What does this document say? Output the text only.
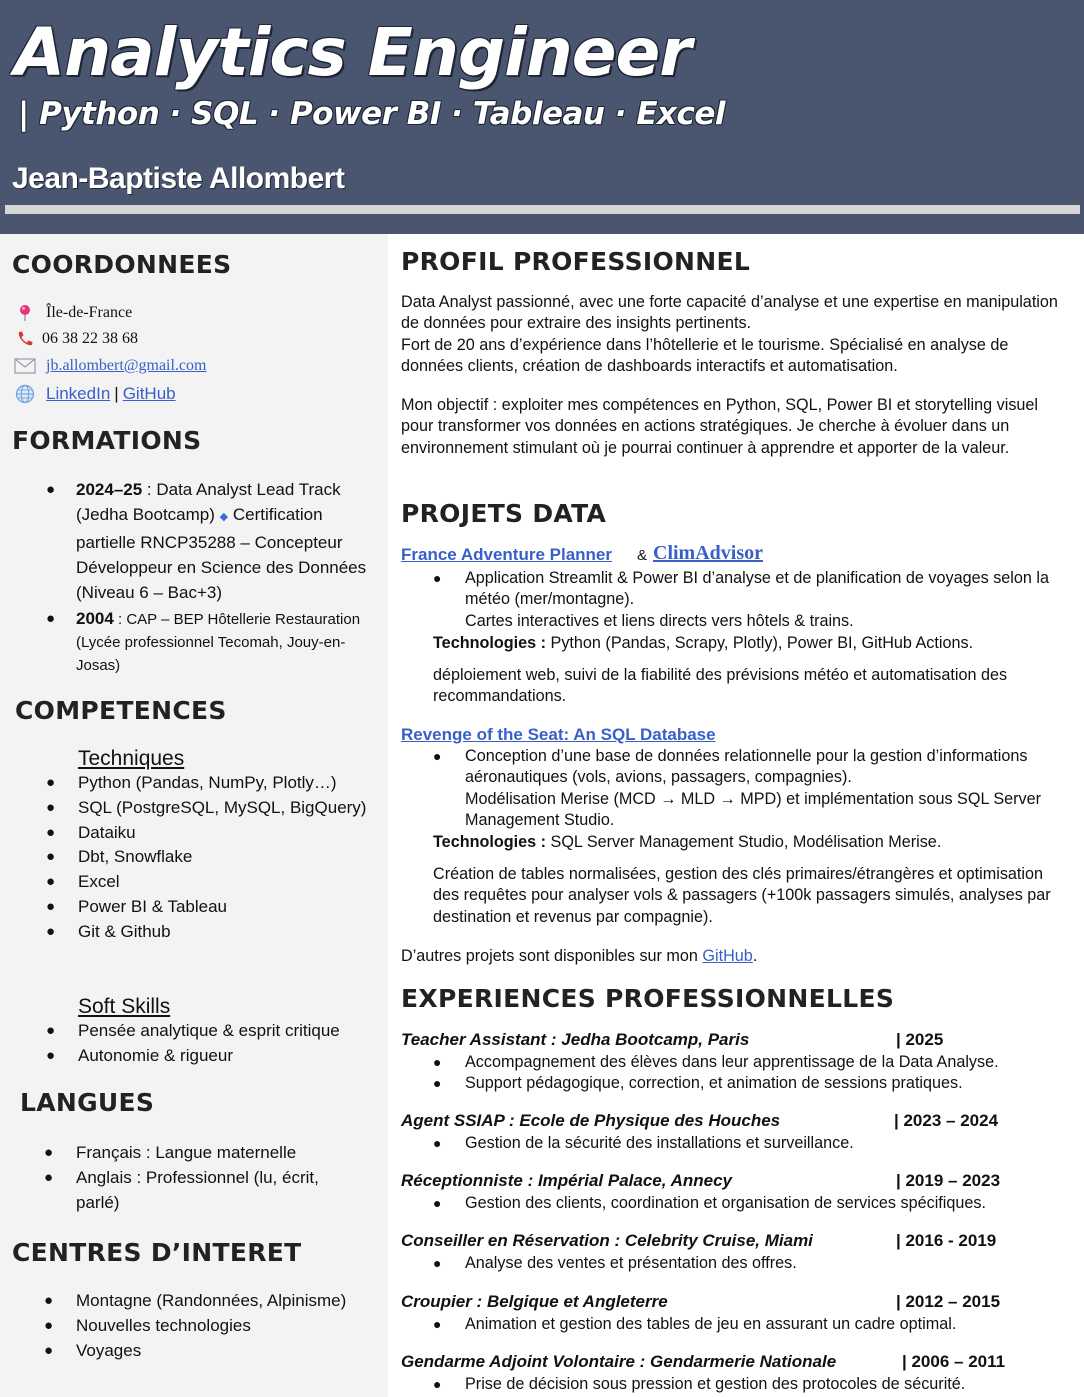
Analytics Engineer
| Python · SQL · Power BI · Tableau · Excel
Jean-Baptiste Allombert
COORDONNEES
Île-de-France
06 38 22 38 68
jb.allombert@gmail.com
LinkedIn | GitHub
FORMATIONS
● 2024–25 : Data Analyst Lead Track (Jedha Bootcamp) ◆ Certification partielle RNCP35288 – Concepteur Développeur en Science des Données (Niveau 6 – Bac+3)
● 2004 : CAP – BEP Hôtellerie Restauration (Lycée professionnel Tecomah, Jouy-en-Josas)
COMPETENCES
Techniques
● Python (Pandas, NumPy, Plotly…)
● SQL (PostgreSQL, MySQL, BigQuery)
● Dataiku
● Dbt, Snowflake
● Excel
● Power BI & Tableau
● Git & Github
Soft Skills
● Pensée analytique & esprit critique
● Autonomie & rigueur
LANGUES
● Français : Langue maternelle
● Anglais : Professionnel (lu, écrit, parlé)
CENTRES D’INTERET
● Montagne (Randonnées, Alpinisme)
● Nouvelles technologies
● Voyages
PROFIL PROFESSIONNEL
Data Analyst passionné, avec une forte capacité d’analyse et une expertise en manipulation de données pour extraire des insights pertinents.
Fort de 20 ans d’expérience dans l’hôtellerie et le tourisme. Spécialisé en analyse de données clients, création de dashboards interactifs et automatisation.
Mon objectif : exploiter mes compétences en Python, SQL, Power BI et storytelling visuel pour transformer vos données en actions stratégiques. Je cherche à évoluer dans un environnement stimulant où je pourrai continuer à apprendre et apporter de la valeur.
PROJETS DATA
France Adventure Planner & ClimAdvisor
● Application Streamlit & Power BI d’analyse et de planification de voyages selon la météo (mer/montagne).
Cartes interactives et liens directs vers hôtels & trains.
Technologies : Python (Pandas, Scrapy, Plotly), Power BI, GitHub Actions.
déploiement web, suivi de la fiabilité des prévisions météo et automatisation des recommandations.
Revenge of the Seat: An SQL Database
● Conception d’une base de données relationnelle pour la gestion d’informations aéronautiques (vols, avions, passagers, compagnies).
Modélisation Merise (MCD → MLD → MPD) et implémentation sous SQL Server Management Studio.
Technologies : SQL Server Management Studio, Modélisation Merise.
Création de tables normalisées, gestion des clés primaires/étrangères et optimisation des requêtes pour analyser vols & passagers (+100k passagers simulés, analyses par destination et revenus par compagnie).
D’autres projets sont disponibles sur mon GitHub.
EXPERIENCES PROFESSIONNELLES
Teacher Assistant : Jedha Bootcamp, Paris	| 2025
● Accompagnement des élèves dans leur apprentissage de la Data Analyse.
● Support pédagogique, correction, et animation de sessions pratiques.
Agent SSIAP : Ecole de Physique des Houches	| 2023 – 2024
● Gestion de la sécurité des installations et surveillance.
Réceptionniste : Impérial Palace, Annecy	| 2019 – 2023
● Gestion des clients, coordination et organisation de services spécifiques.
Conseiller en Réservation : Celebrity Cruise, Miami	| 2016 - 2019
● Analyse des ventes et présentation des offres.
Croupier : Belgique et Angleterre	| 2012 – 2015
● Animation et gestion des tables de jeu en assurant un cadre optimal.
Gendarme Adjoint Volontaire : Gendarmerie Nationale	| 2006 – 2011
● Prise de décision sous pression et gestion des protocoles de sécurité.
